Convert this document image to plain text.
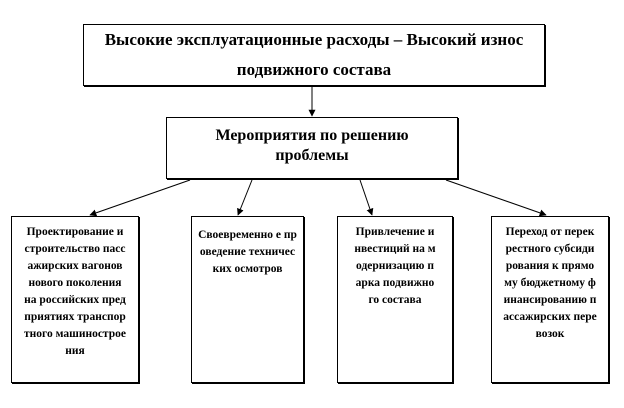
Высокие эксплуатационные расходы – Высокий износ подвижного состава
Мероприятия по решению проблемы
Проектирование и строительство пассажирских вагонов нового поколения на российских предприятиях транспортного машиностроения
Своевременно е проведение технических осмотров
Привлечение инвестиций на модернизацию парка подвижного состава
Переход от перекрестного субсидирования к прямому бюджетному финансированию пассажирских перевозок
